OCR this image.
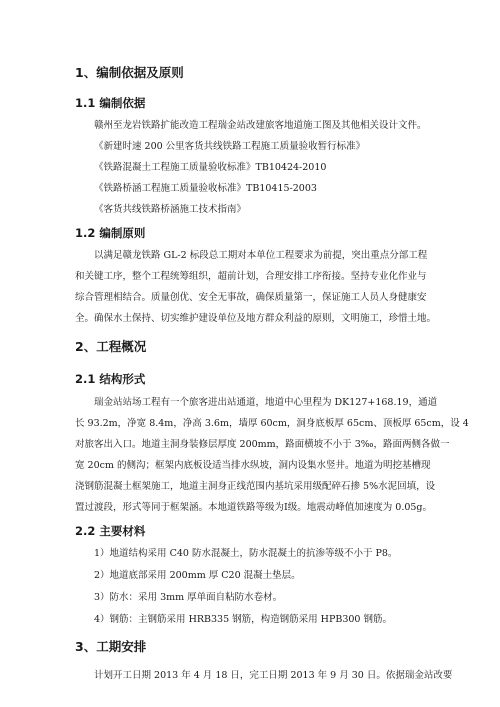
1、编制依据及原则
1.1 编制依据
赣州至龙岩铁路扩能改造工程瑞金站改建旅客地道施工图及其他相关设计文件。
《新建时速 200 公里客货共线铁路工程施工质量验收暂行标准》
《铁路混凝土工程施工质量验收标准》TB10424-2010
《铁路桥涵工程施工质量验收标准》TB10415-2003
《客货共线铁路桥涵施工技术指南》
1.2 编制原则
以满足赣龙铁路 GL-2 标段总工期对本单位工程要求为前提，突出重点分部工程
和关键工序，整个工程统筹组织，超前计划，合理安排工序衔接。坚持专业化作业与
综合管理相结合。质量创优、安全无事故，确保质量第一，保证施工人员人身健康安
全。确保水土保持、切实维护建设单位及地方群众利益的原则，文明施工，珍惜土地。
2、工程概况
2.1 结构形式
瑞金站站场工程有一个旅客进出站通道，地道中心里程为 DK127+168.19，通道
长 93.2m，净宽 8.4m，净高 3.6m，墙厚 60cm，洞身底板厚 65cm、顶板厚 65cm，设 4
对旅客出入口。地道主洞身装修层厚度 200mm，路面横坡不小于 3‰，路面两侧各做一
宽 20cm 的侧沟；框架内底板设适当排水纵坡，洞内设集水竖井。地道为明挖基槽现
浇钢筋混凝土框架施工，地道主洞身正线范围内基坑采用级配碎石掺 5%水泥回填，设
置过渡段，形式等同于框架涵。本地道铁路等级为Ⅰ级。地震动峰值加速度为 0.05g。
2.2 主要材料
1）地道结构采用 C40 防水混凝土，防水混凝土的抗渗等级不小于 P8。
2）地道底部采用 200mm 厚 C20 混凝土垫层。
3）防水：采用 3mm 厚单面自粘防水卷材。
4）钢筋：主钢筋采用 HRB335 钢筋，构造钢筋采用 HPB300 钢筋。
3、工期安排
计划开工日期 2013 年 4 月 18 日，完工日期 2013 年 9 月 30 日。依据瑞金站改要
